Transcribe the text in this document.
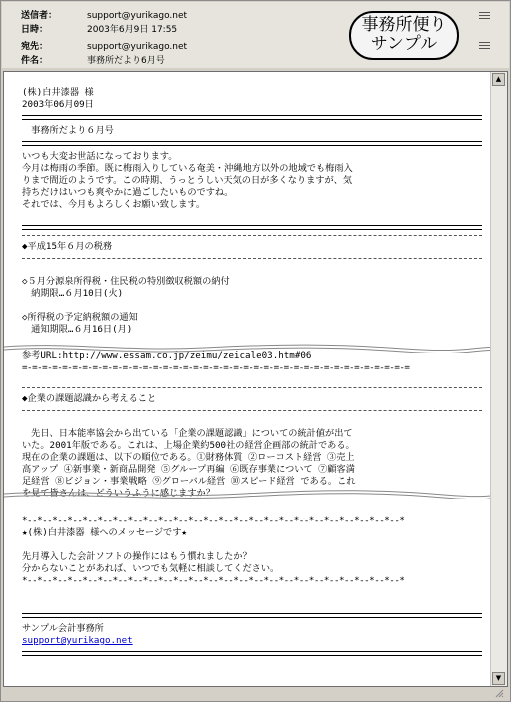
送信者：	support@yurikago.net
日時：	2003年6月9日 17:55
宛先：	support@yurikago.net
件名：	事務所だより6月号
事務所便り
サンプル

(株)白井漆器 様

2003年06月09日

　事務所だより６月号

いつも大変お世話になっております。

今月は梅雨の季節。既に梅雨入りしている奄美・沖縄地方以外の地域でも梅雨入

りまで間近のようです。この時期、うっとうしい天気の日が多くなりますが、気

持ちだけはいつも爽やかに過ごしたいものですね。

それでは、今月もよろしくお願い致します。

◆平成15年６月の税務

◇５月分源泉所得税・住民税の特別徴収税額の納付

　納期限…６月10日(火)

◇所得税の予定納税額の通知

　通知期限…６月16日(月)

参考URL:http://www.essam.co.jp/zeimu/zeicale03.htm#06

=-=-=-=-=-=-=-=-=-=-=-=-=-=-=-=-=-=-=-=-=-=-=-=-=-=-=-=-=-=-=-=-=-=-=-=-=-=-=

◆企業の課題認識から考えること

　先日、日本能率協会から出ている「企業の課題認識」についての統計値が出て

いた。2001年版である。これは、上場企業約500社の経営企画部の統計である。

現在の企業の課題は、以下の順位である。①財務体質 ②ローコスト経営 ③売上

高アップ ④新事業・新商品開発 ⑤グループ再編 ⑥既存事業について ⑦顧客満

足経営 ⑧ビジョン・事業戦略 ⑨グローバル経営 ⑩スピード経営 である。これ

を見て皆さんは、どういうふうに感じますか？

*--*--*--*--*--*--*--*--*--*--*--*--*--*--*--*--*--*--*--*--*--*--*--*--*--*

★(株)白井漆器 様へのメッセージです★

先月導入した会計ソフトの操作にはもう慣れましたか？

分からないことがあれば、いつでも気軽に相談してください。

*--*--*--*--*--*--*--*--*--*--*--*--*--*--*--*--*--*--*--*--*--*--*--*--*--*

サンプル会計事務所

support@yurikago.net

▲
▼
